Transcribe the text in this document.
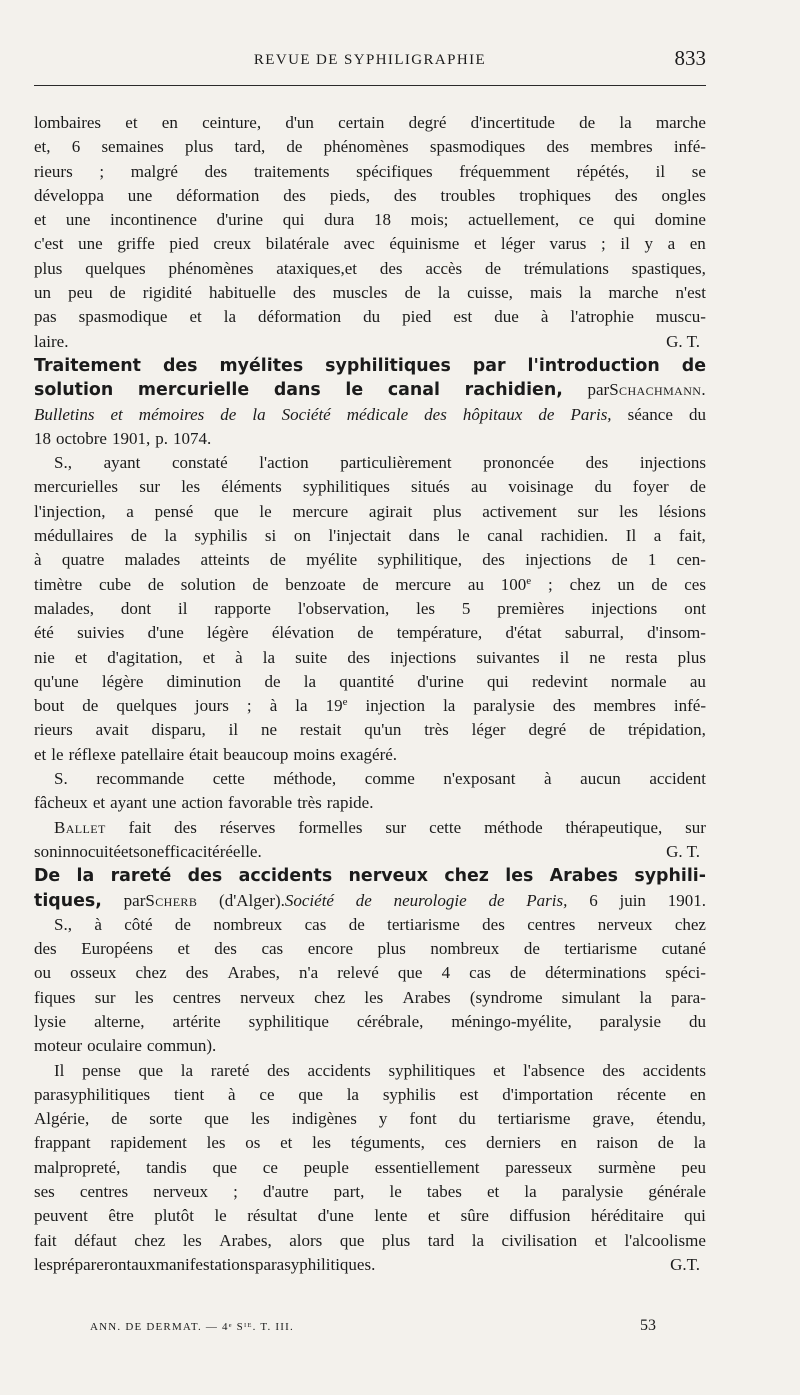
REVUE DE SYPHILIGRAPHIE	833
lombaires et en ceinture, d'un certain degré d'incertitude de la marche
et, 6 semaines plus tard, de phénomènes spasmodiques des membres infé-
rieurs ; malgré des traitements spécifiques fréquemment répétés, il se
développa une déformation des pieds, des troubles trophiques des ongles
et une incontinence d'urine qui dura 18 mois; actuellement, ce qui domine
c'est une griffe pied creux bilatérale avec équinisme et léger varus ; il y a en
plus quelques phénomènes ataxiques,et des accès de trémulations spastiques,
un peu de rigidité habituelle des muscles de la cuisse, mais la marche n'est
pas spasmodique et la déformation du pied est due à l'atrophie muscu-
laire.	G. T.
Traitement des myélites syphilitiques par l'introduction de
solution mercurielle dans le canal rachidien, parSchachmann.
Bulletins et mémoires de la Société médicale des hôpitaux de Paris, séance du
18 octobre 1901, p. 1074.
S., ayant constaté l'action particulièrement prononcée des injections
mercurielles sur les éléments syphilitiques situés au voisinage du foyer de
l'injection, a pensé que le mercure agirait plus activement sur les lésions
médullaires de la syphilis si on l'injectait dans le canal rachidien. Il a fait,
à quatre malades atteints de myélite syphilitique, des injections de 1 cen-
timètre cube de solution de benzoate de mercure au 100e ; chez un de ces
malades, dont il rapporte l'observation, les 5 premières injections ont
été suivies d'une légère élévation de température, d'état saburral, d'insom-
nie et d'agitation, et à la suite des injections suivantes il ne resta plus
qu'une légère diminution de la quantité d'urine qui redevint normale au
bout de quelques jours ; à la 19e injection la paralysie des membres infé-
rieurs avait disparu, il ne restait qu'un très léger degré de trépidation,
et le réflexe patellaire était beaucoup moins exagéré.
S. recommande cette méthode, comme n'exposant à aucun accident
fâcheux et ayant une action favorable très rapide.
Ballet fait des réserves formelles sur cette méthode thérapeutique, sur
son innocuité et son efficacité réelle.	G. T.
De la rareté des accidents nerveux chez les Arabes syphili-
tiques, parScherb (d'Alger).Société de neurologie de Paris, 6 juin 1901.
S., à côté de nombreux cas de tertiarisme des centres nerveux chez
des Européens et des cas encore plus nombreux de tertiarisme cutané
ou osseux chez des Arabes, n'a relevé que 4 cas de déterminations spéci-
fiques sur les centres nerveux chez les Arabes (syndrome simulant la para-
lysie alterne, artérite syphilitique cérébrale, méningo-myélite, paralysie du
moteur oculaire commun).
Il pense que la rareté des accidents syphilitiques et l'absence des accidents
parasyphilitiques tient à ce que la syphilis est d'importation récente en
Algérie, de sorte que les indigènes y font du tertiarisme grave, étendu,
frappant rapidement les os et les téguments, ces derniers en raison de la
malpropreté, tandis que ce peuple essentiellement paresseux surmène peu
ses centres nerveux ; d'autre part, le tabes et la paralysie générale
peuvent être plutôt le résultat d'une lente et sûre diffusion héréditaire qui
fait défaut chez les Arabes, alors que plus tard la civilisation et l'alcoolisme
les prépareront aux manifestations parasyphilitiques.	G.T.
ANN. DE DERMAT. — 4ᵉ Sᴵᴱ. T. III.	53
